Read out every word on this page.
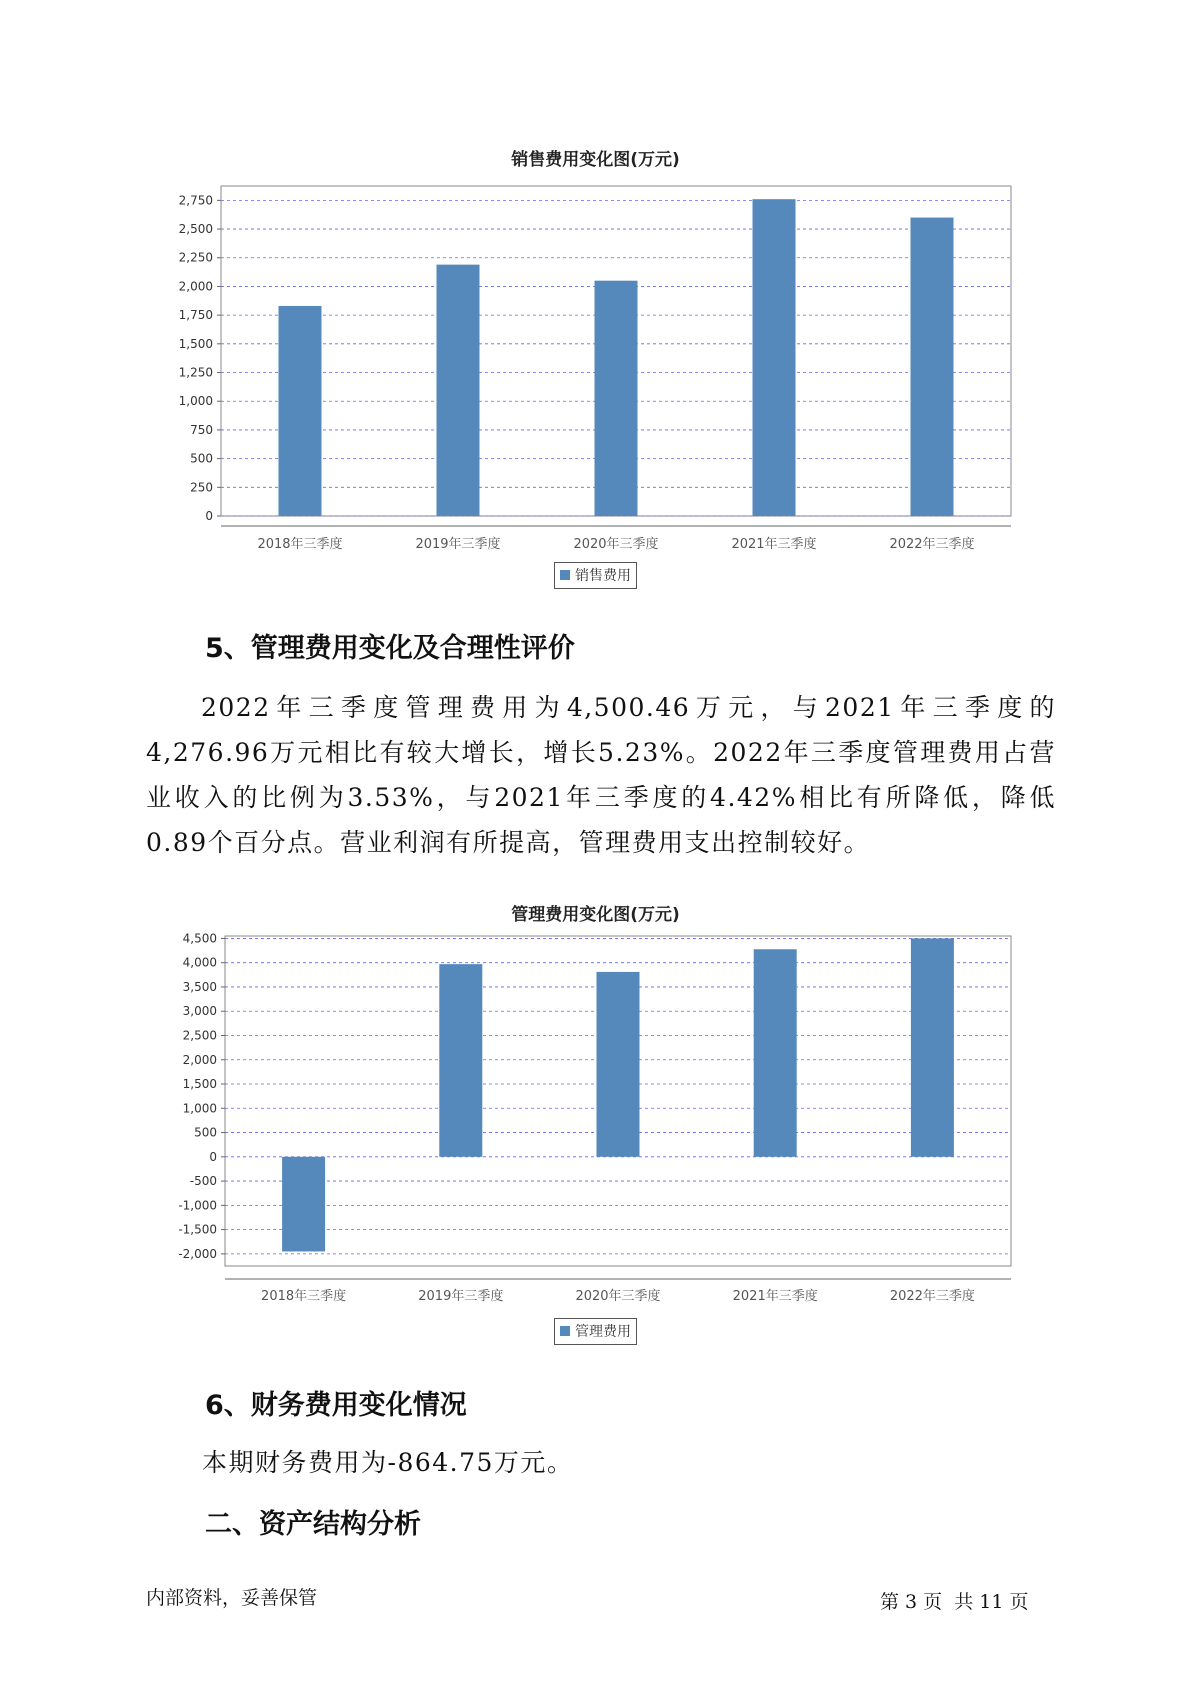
销售费用变化图(万元)
0
250
500
750
1,000
1,250
1,500
1,750
2,000
2,250
2,500
2,750
2018年三季度	2019年三季度	2020年三季度	2021年三季度	2022年三季度
销售费用
5、管理费用变化及合理性评价

2022年三季度管理费用为4,500.46万元，与2021年三季度的4,276.96万元相比有较大增长，增长5.23%。2022年三季度管理费用占营业收入的比例为3.53%，与2021年三季度的4.42%相比有所降低，降低0.89个百分点。营业利润有所提高，管理费用支出控制较好。

管理费用变化图(万元)
-2,000
-1,500
-1,000
-500
0
500
1,000
1,500
2,000
2,500
3,000
3,500
4,000
4,500
2018年三季度	2019年三季度	2020年三季度	2021年三季度	2022年三季度
管理费用
6、财务费用变化情况
本期财务费用为-864.75万元。
二、资产结构分析
内部资料，妥善保管	第 3 页  共 11 页
